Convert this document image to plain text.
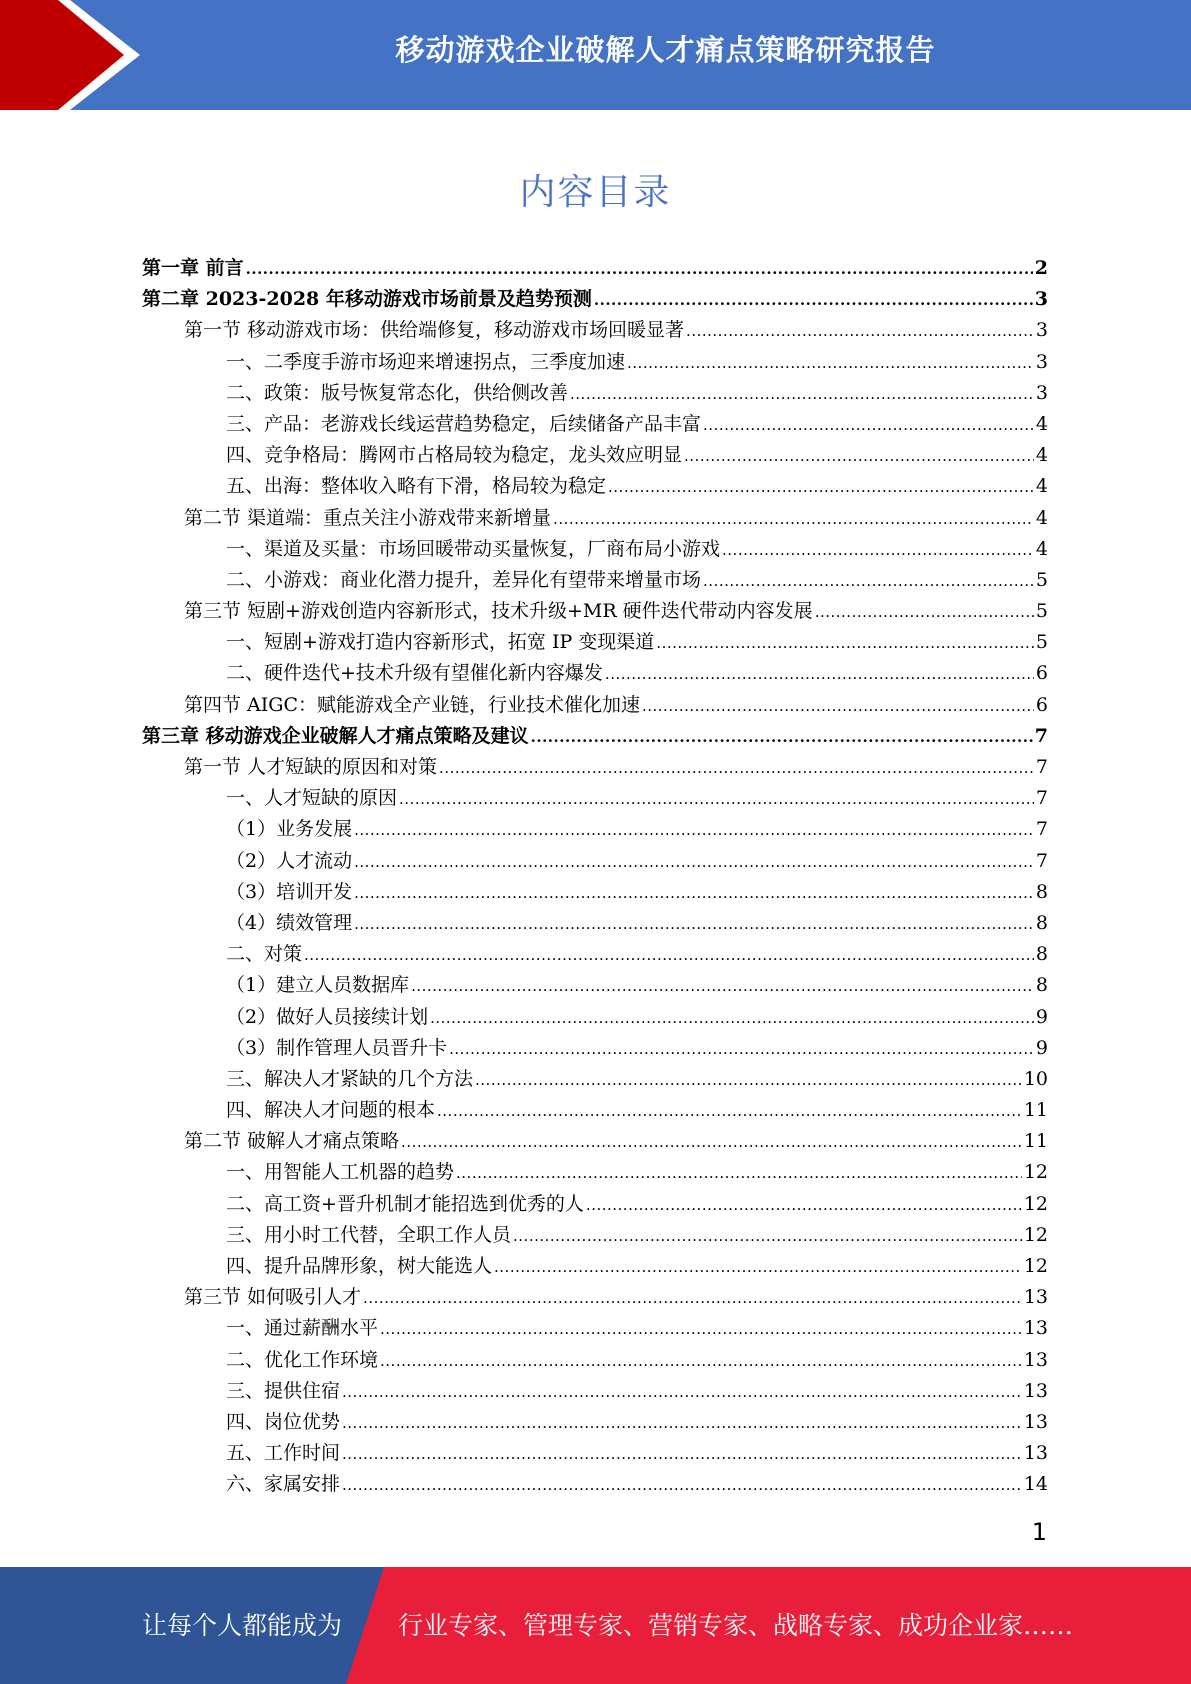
移动游戏企业破解人才痛点策略研究报告
内容目录
第一章 前言 .....	2
第二章 2023-2028 年移动游戏市场前景及趋势预测 .....	3
第一节 移动游戏市场：供给端修复，移动游戏市场回暖显著 .....	3
一、二季度手游市场迎来增速拐点，三季度加速 .....	3
二、政策：版号恢复常态化，供给侧改善 .....	3
三、产品：老游戏长线运营趋势稳定，后续储备产品丰富 .....	4
四、竞争格局：腾网市占格局较为稳定，龙头效应明显 .....	4
五、出海：整体收入略有下滑，格局较为稳定 .....	4
第二节 渠道端：重点关注小游戏带来新增量 .....	4
一、渠道及买量：市场回暖带动买量恢复，厂商布局小游戏 .....	4
二、小游戏：商业化潜力提升，差异化有望带来增量市场 .....	5
第三节 短剧+游戏创造内容新形式，技术升级+MR 硬件迭代带动内容发展 .....	5
一、短剧+游戏打造内容新形式，拓宽 IP 变现渠道 .....	5
二、硬件迭代+技术升级有望催化新内容爆发 .....	6
第四节 AIGC：赋能游戏全产业链，行业技术催化加速 .....	6
第三章 移动游戏企业破解人才痛点策略及建议 .....	7
第一节 人才短缺的原因和对策 .....	7
一、人才短缺的原因 .....	7
（1）业务发展 .....	7
（2）人才流动 .....	7
（3）培训开发 .....	8
（4）绩效管理 .....	8
二、对策 .....	8
（1）建立人员数据库 .....	8
（2）做好人员接续计划 .....	9
（3）制作管理人员晋升卡 .....	9
三、解决人才紧缺的几个方法 .....	10
四、解决人才问题的根本 .....	11
第二节 破解人才痛点策略 .....	11
一、用智能人工机器的趋势 .....	12
二、高工资+晋升机制才能招选到优秀的人 .....	12
三、用小时工代替，全职工作人员 .....	12
四、提升品牌形象，树大能选人 .....	12
第三节 如何吸引人才 .....	13
一、通过薪酬水平 .....	13
二、优化工作环境 .....	13
三、提供住宿 .....	13
四、岗位优势 .....	13
五、工作时间 .....	13
六、家属安排 .....	14
1
让每个人都能成为 行业专家、管理专家、营销专家、战略专家、成功企业家……
